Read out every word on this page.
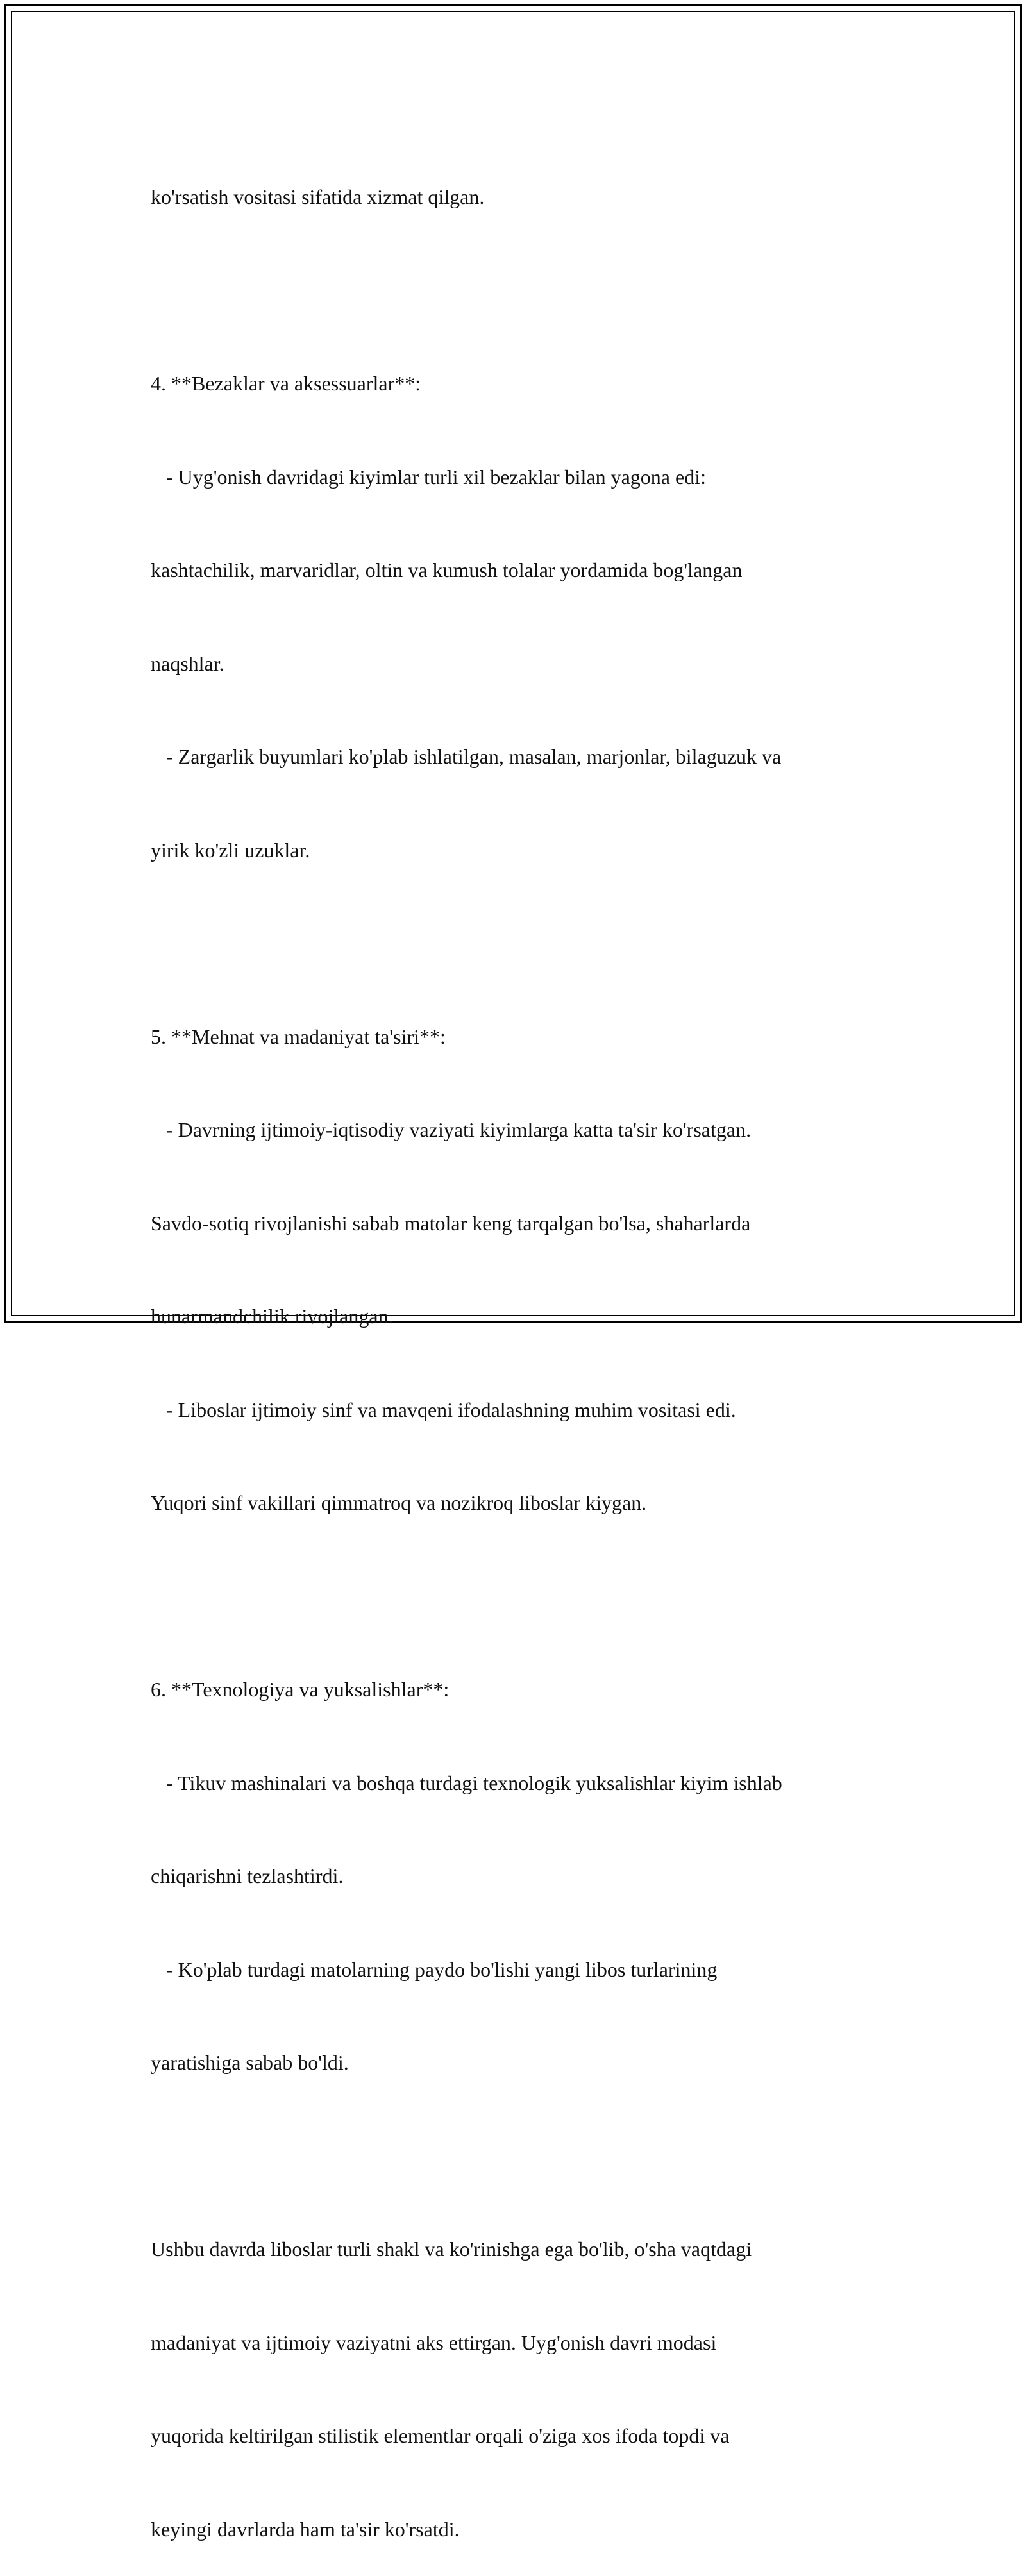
ko'rsatish vositasi sifatida xizmat qilgan.

4. **Bezaklar va aksessuarlar**:

- Uyg'onish davridagi kiyimlar turli xil bezaklar bilan yagona edi:

kashtachilik, marvaridlar, oltin va kumush tolalar yordamida bog'langan

naqshlar.

- Zargarlik buyumlari ko'plab ishlatilgan, masalan, marjonlar, bilaguzuk va

yirik ko'zli uzuklar.

5. **Mehnat va madaniyat ta'siri**:

- Davrning ijtimoiy-iqtisodiy vaziyati kiyimlarga katta ta'sir ko'rsatgan.

Savdo-sotiq rivojlanishi sabab matolar keng tarqalgan bo'lsa, shaharlarda

hunarmandchilik rivojlangan.

- Liboslar ijtimoiy sinf va mavqeni ifodalashning muhim vositasi edi.

Yuqori sinf vakillari qimmatroq va nozikroq liboslar kiygan.

6. **Texnologiya va yuksalishlar**:

- Tikuv mashinalari va boshqa turdagi texnologik yuksalishlar kiyim ishlab

chiqarishni tezlashtirdi.

- Ko'plab turdagi matolarning paydo bo'lishi yangi libos turlarining

yaratishiga sabab bo'ldi.

Ushbu davrda liboslar turli shakl va ko'rinishga ega bo'lib, o'sha vaqtdagi

madaniyat va ijtimoiy vaziyatni aks ettirgan. Uyg'onish davri modasi

yuqorida keltirilgan stilistik elementlar orqali o'ziga xos ifoda topdi va

keyingi davrlarda ham ta'sir ko'rsatdi.
